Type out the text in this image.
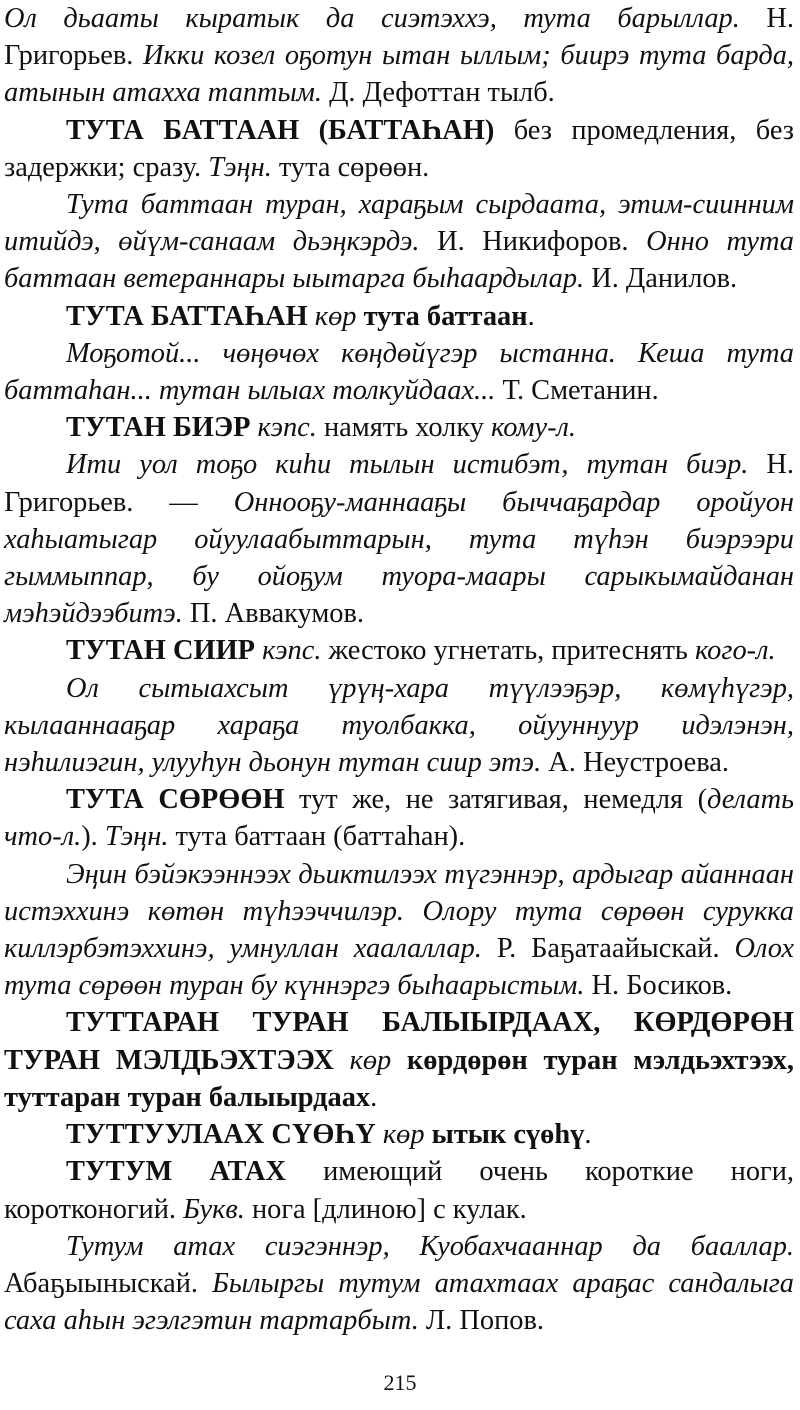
Ол дьааты кыратык да сиэтэххэ, тута барыллар. Н. Григорьев. Икки козел оҕотун ытан ыллым; биирэ тута барда, атынын атахха таптым. Д. Дефоттан тылб.

ТУТА БАТТААН (БАТТАҺАН) без промедления, без задержки; сразу. Тэңн. тута сөрөөн.

Тута баттаан туран, хараҕым сырдаата, этим-сиинним итийдэ, өйүм-санаам дьэңкэрдэ. И. Никифоров. Онно тута баттаан ветераннары ыытарга быһаардылар. И. Данилов.

ТУТА БАТТАҺАН көр тута баттаан.

Моҕотой... чөңөчөх көңдөйүгэр ыстанна. Кеша тута баттаһан... тутан ылыах толкуйдаах... Т. Сметанин.

ТУТАН БИЭР кэпс. намять холку кому-л.

Ити уол тоҕо киһи тылын истибэт, тутан биэр. Н. Григорьев. — Оннооҕу-маннааҕы быччаҕардар оройуон хаһыатыгар ойуулаабыттарын, тута түһэн биэрээри гыммыппар, бу ойоҕум туора-маары сарыкымайданан мэһэйдээбитэ. П. Аввакумов.

ТУТАН СИИР кэпс. жестоко угнетать, притеснять кого-л.

Ол сытыахсыт үрүң-хара түүлээҕэр, көмүһүгэр, кылааннааҕар хараҕа туолбакка, ойууннуур идэлэнэн, нэһилиэгин, улууһун дьонун тутан сиир этэ. А. Неустроева.

ТУТА СӨРӨӨН тут же, не затягивая, немедля (делать что-л.). Тэңн. тута баттаан (баттаһан).

Эңин бэйэкээннээх дьиктилээх түгэннэр, ардыгар айаннаан истэххинэ көтөн түһээччилэр. Олору тута сөрөөн сурукка киллэрбэтэххинэ, умнуллан хаалаллар. Р. Баҕатаайыскай. Олох тута сөрөөн туран бу күннэргэ быһаарыстым. Н. Босиков.

ТУТТАРАН ТУРАН БАЛЫЫРДААХ, КӨРДӨРӨН ТУРАН МЭЛДЬЭХТЭЭХ көр көрдөрөн туран мэлдьэхтээх, туттаран туран балыырдаах.

ТУТТУУЛААХ СҮӨҺҮ көр ытык сүөһү.

ТУТУМ АТАХ имеющий очень короткие ноги, коротконогий. Букв. нога [длиною] с кулак.

Тутум атах сиэгэннэр, Куобахчааннар да бааллар. Абаҕыыныскай. Былыргы тутум атахтаах араҕас сандалыга саха аһын эгэлгэтин тартарбыт. Л. Попов.

215
